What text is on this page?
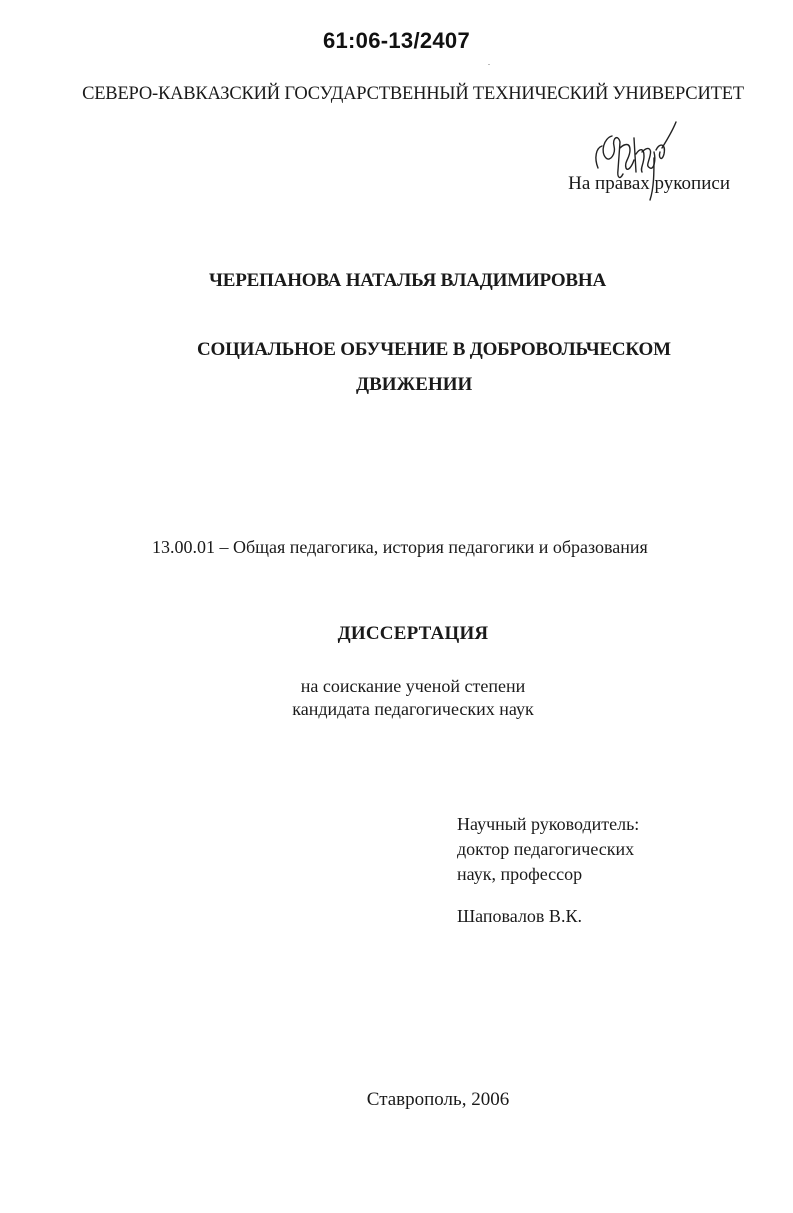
61:06-13/2407
СЕВЕРО-КАВКАЗСКИЙ ГОСУДАРСТВЕННЫЙ ТЕХНИЧЕСКИЙ УНИВЕРСИТЕТ
На правах рукописи
ЧЕРЕПАНОВА НАТАЛЬЯ ВЛАДИМИРОВНА
СОЦИАЛЬНОЕ ОБУЧЕНИЕ В ДОБРОВОЛЬЧЕСКОМ
ДВИЖЕНИИ
13.00.01 – Общая педагогика, история педагогики и образования
ДИССЕРТАЦИЯ
на соискание ученой степени
кандидата педагогических наук
Научный руководитель:
доктор педагогических
наук, профессор
Шаповалов В.К.
Ставрополь, 2006
